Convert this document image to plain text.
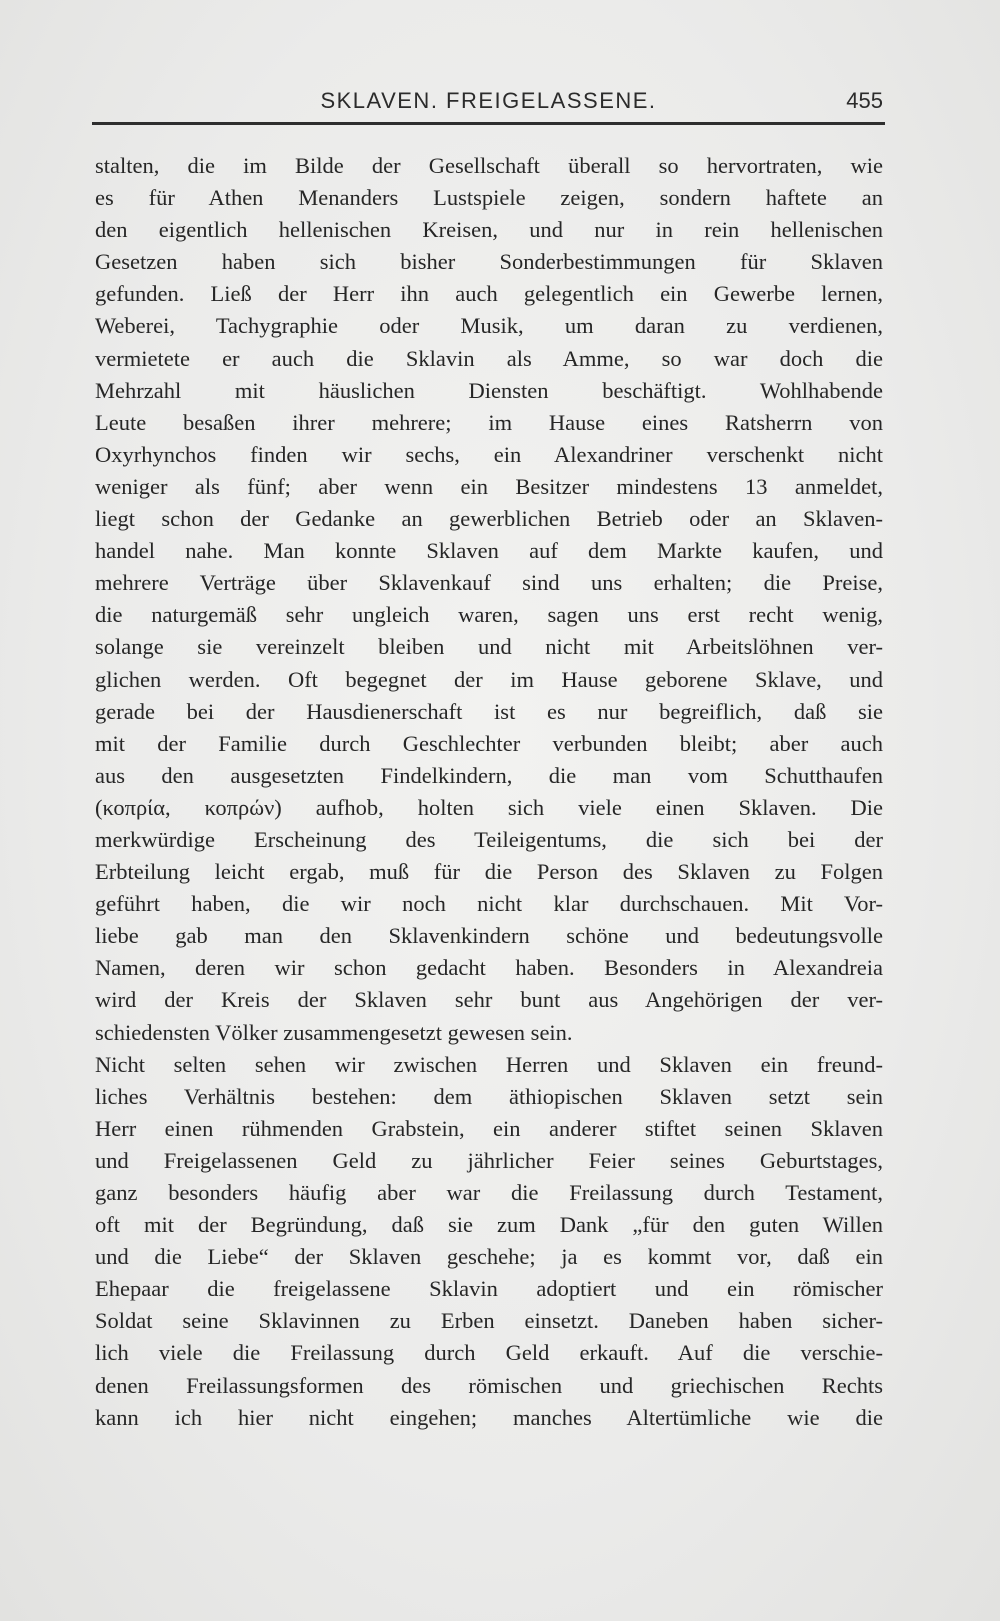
SKLAVEN. FREIGELASSENE.	455
stalten, die im Bilde der Gesellschaft überall so hervortraten, wie
es für Athen Menanders Lustspiele zeigen, sondern haftete an
den eigentlich hellenischen Kreisen, und nur in rein hellenischen
Gesetzen haben sich bisher Sonderbestimmungen für Sklaven
gefunden. Ließ der Herr ihn auch gelegentlich ein Gewerbe lernen,
Weberei, Tachygraphie oder Musik, um daran zu verdienen,
vermietete er auch die Sklavin als Amme, so war doch die
Mehrzahl mit häuslichen Diensten beschäftigt. Wohlhabende
Leute besaßen ihrer mehrere; im Hause eines Ratsherrn von
Oxyrhynchos finden wir sechs, ein Alexandriner verschenkt nicht
weniger als fünf; aber wenn ein Besitzer mindestens 13 anmeldet,
liegt schon der Gedanke an gewerblichen Betrieb oder an Sklaven-
handel nahe. Man konnte Sklaven auf dem Markte kaufen, und
mehrere Verträge über Sklavenkauf sind uns erhalten; die Preise,
die naturgemäß sehr ungleich waren, sagen uns erst recht wenig,
solange sie vereinzelt bleiben und nicht mit Arbeitslöhnen ver-
glichen werden. Oft begegnet der im Hause geborene Sklave, und
gerade bei der Hausdienerschaft ist es nur begreiflich, daß sie
mit der Familie durch Geschlechter verbunden bleibt; aber auch
aus den ausgesetzten Findelkindern, die man vom Schutthaufen
(κοπρία, κοπρών) aufhob, holten sich viele einen Sklaven. Die
merkwürdige Erscheinung des Teileigentums, die sich bei der
Erbteilung leicht ergab, muß für die Person des Sklaven zu Folgen
geführt haben, die wir noch nicht klar durchschauen. Mit Vor-
liebe gab man den Sklavenkindern schöne und bedeutungsvolle
Namen, deren wir schon gedacht haben. Besonders in Alexandreia
wird der Kreis der Sklaven sehr bunt aus Angehörigen der ver-
schiedensten Völker zusammengesetzt gewesen sein.
Nicht selten sehen wir zwischen Herren und Sklaven ein freund-
liches Verhältnis bestehen: dem äthiopischen Sklaven setzt sein
Herr einen rühmenden Grabstein, ein anderer stiftet seinen Sklaven
und Freigelassenen Geld zu jährlicher Feier seines Geburtstages,
ganz besonders häufig aber war die Freilassung durch Testament,
oft mit der Begründung, daß sie zum Dank „für den guten Willen
und die Liebe“ der Sklaven geschehe; ja es kommt vor, daß ein
Ehepaar die freigelassene Sklavin adoptiert und ein römischer
Soldat seine Sklavinnen zu Erben einsetzt. Daneben haben sicher-
lich viele die Freilassung durch Geld erkauft. Auf die verschie-
denen Freilassungsformen des römischen und griechischen Rechts
kann ich hier nicht eingehen; manches Altertümliche wie die
